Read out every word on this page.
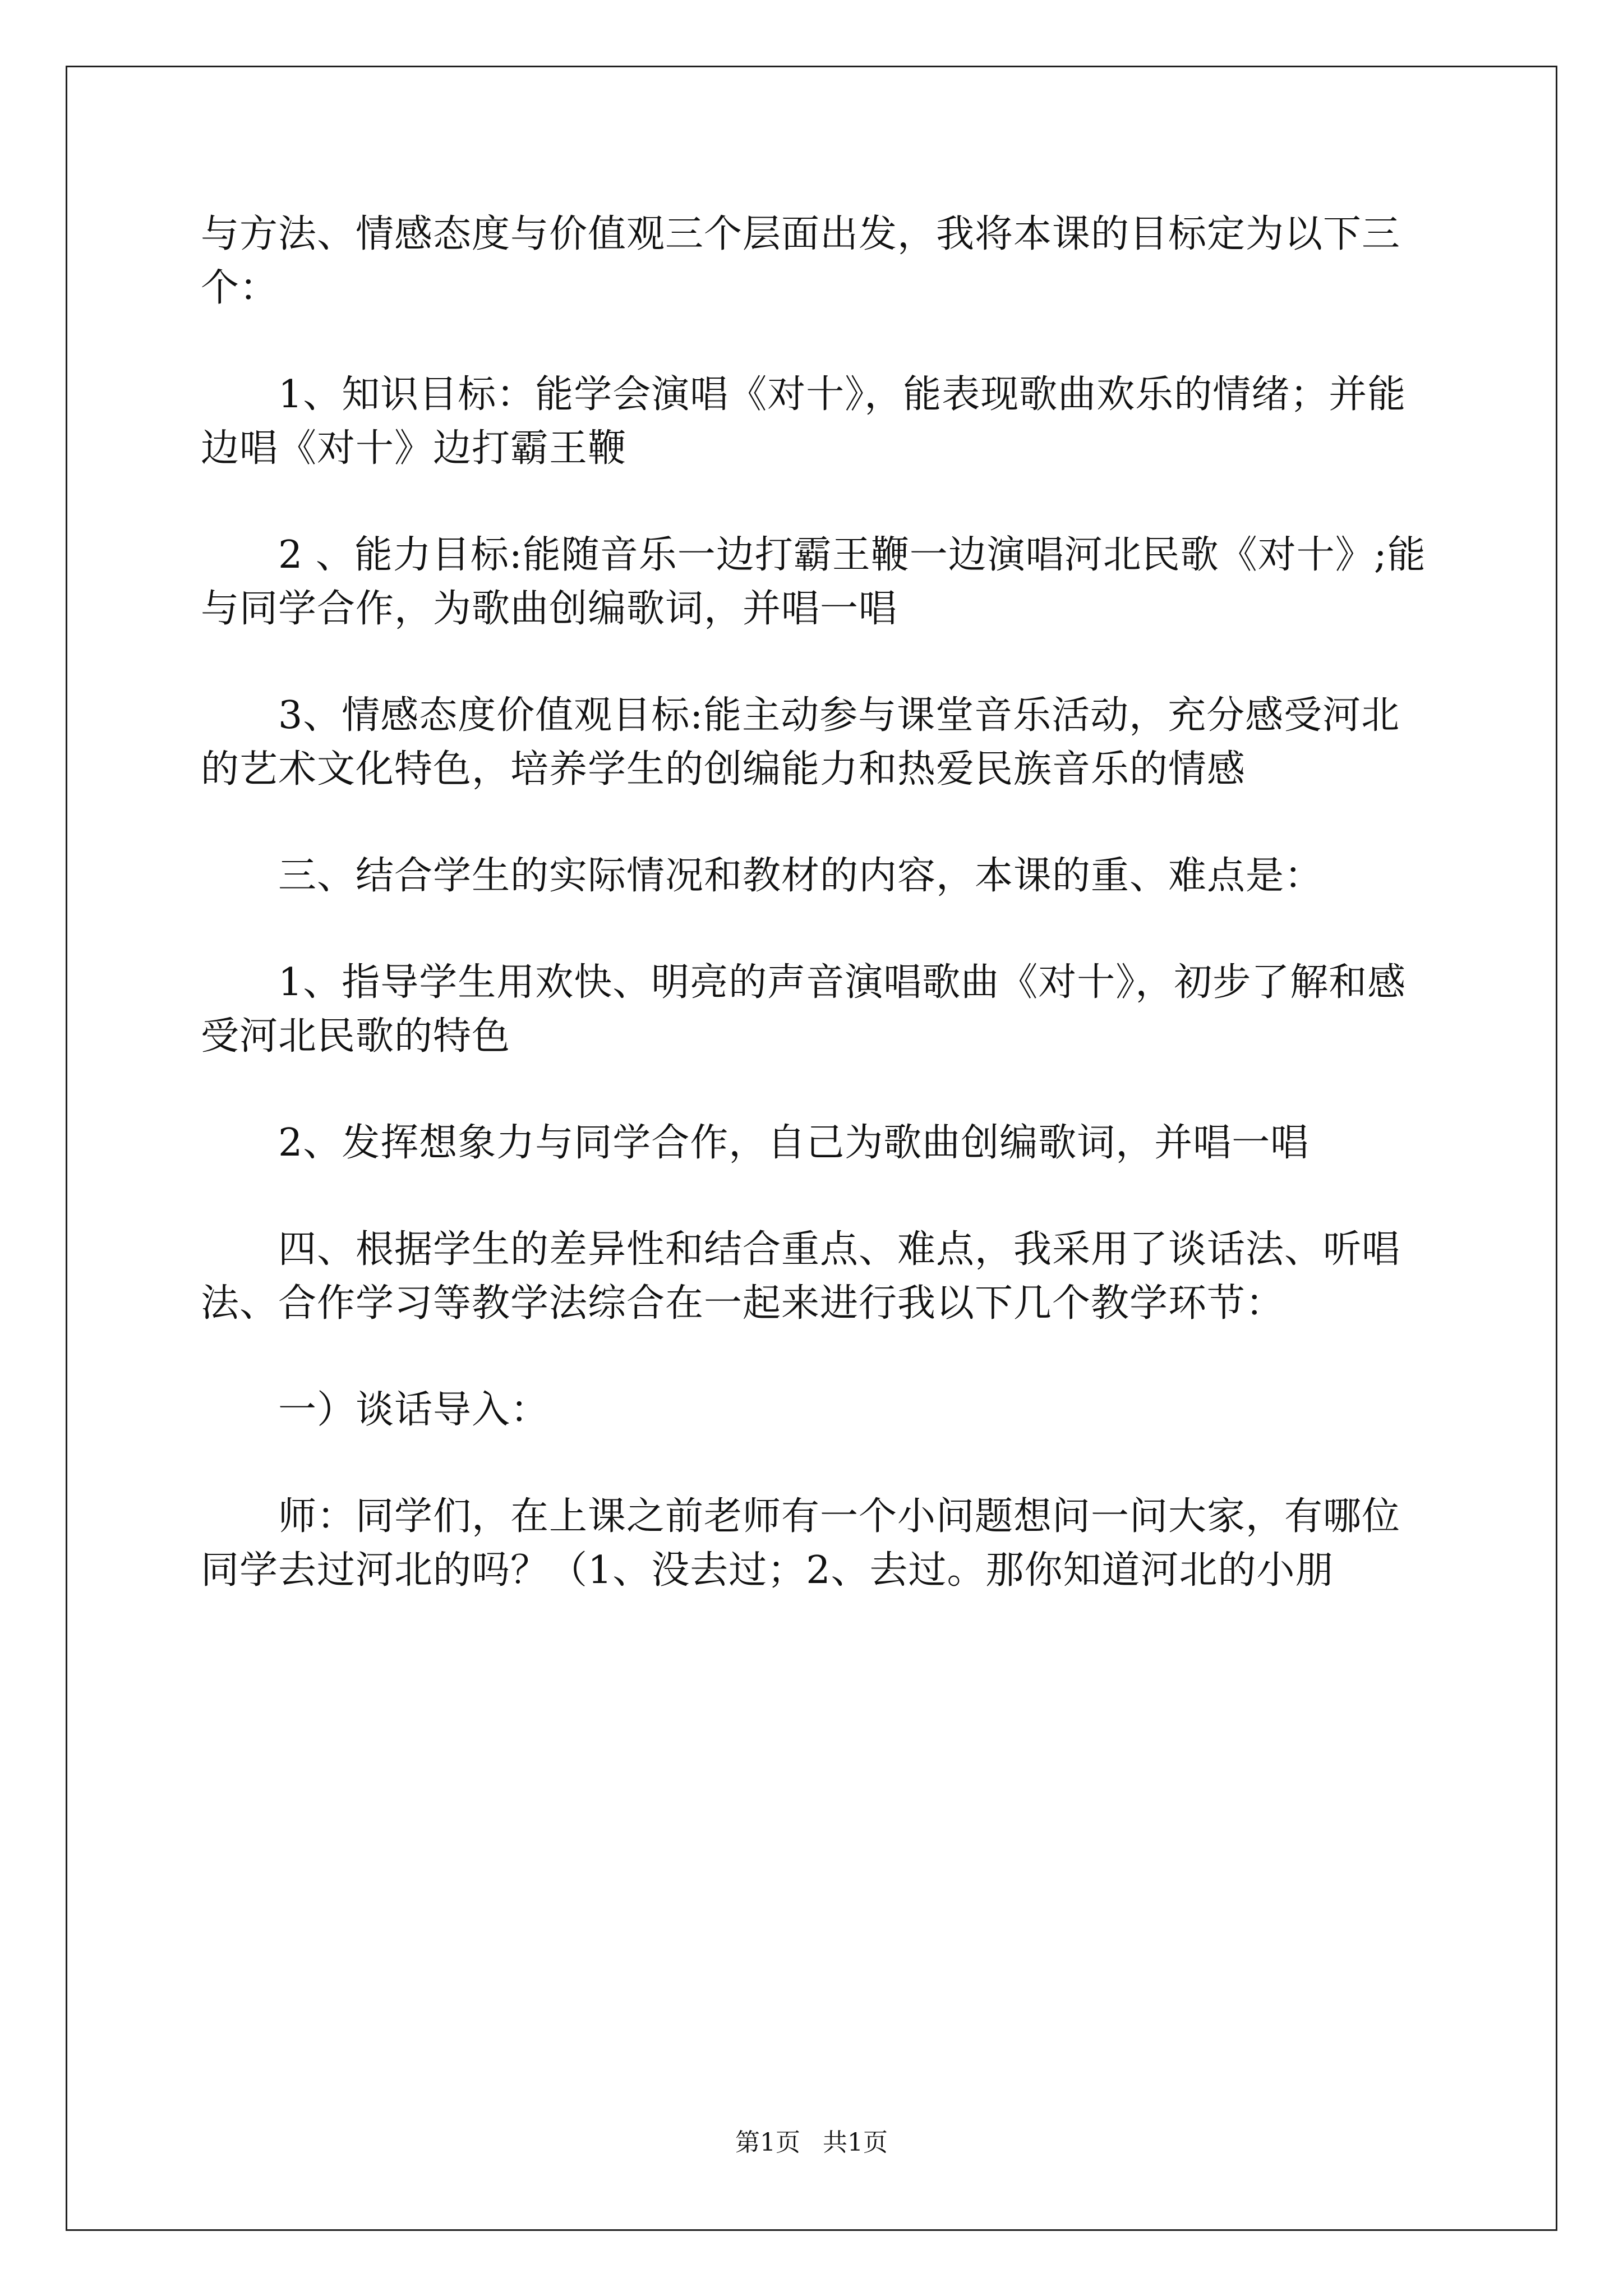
与方法、情感态度与价值观三个层面出发，我将本课的目标定为以下三个：

　　1、知识目标：能学会演唱《对十》，能表现歌曲欢乐的情绪；并能边唱《对十》边打霸王鞭

　　2 、能力目标:能随音乐一边打霸王鞭一边演唱河北民歌《对十》;能与同学合作，为歌曲创编歌词，并唱一唱

　　3、情感态度价值观目标:能主动参与课堂音乐活动，充分感受河北的艺术文化特色，培养学生的创编能力和热爱民族音乐的情感

　　三、结合学生的实际情况和教材的内容，本课的重、难点是：

　　1、指导学生用欢快、明亮的声音演唱歌曲《对十》，初步了解和感受河北民歌的特色

　　2、发挥想象力与同学合作，自己为歌曲创编歌词，并唱一唱

　　四、根据学生的差异性和结合重点、难点，我采用了谈话法、听唱法、合作学习等教学法综合在一起来进行我以下几个教学环节：

　　一）谈话导入：

　　师：同学们，在上课之前老师有一个小问题想问一问大家，有哪位同学去过河北的吗？（1、没去过；2、去过。那你知道河北的小朋

第1页 共1页
